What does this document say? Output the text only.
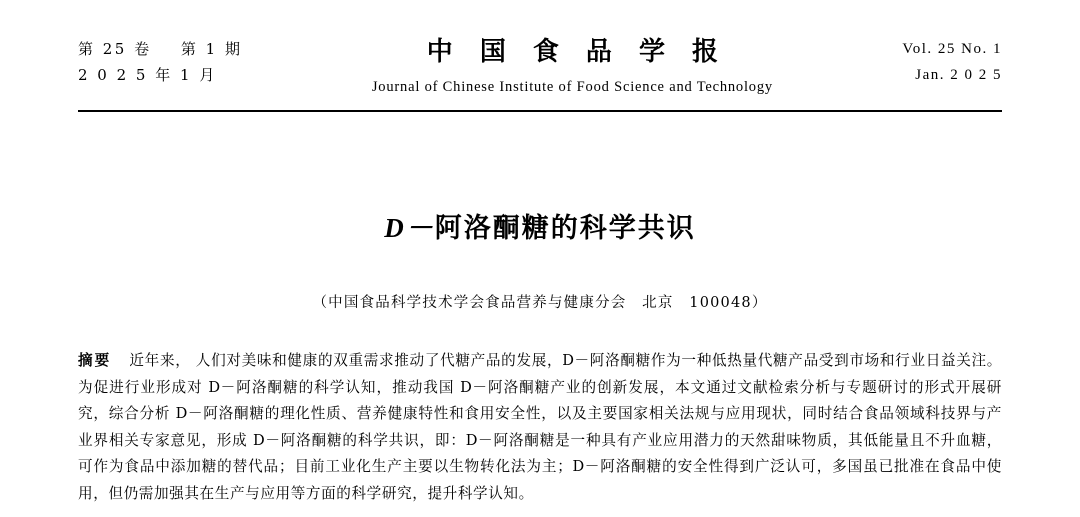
第 25 卷 第 1 期
2 0 2 5 年 1 月
中 国 食 品 学 报
Journal of Chinese Institute of Food Science and Technology
Vol. 25 No. 1
Jan. 2 0 2 5
D－阿洛酮糖的科学共识
（中国食品科学技术学会食品营养与健康分会　北京　100048）
摘要 近年来， 人们对美味和健康的双重需求推动了代糖产品的发展，D－阿洛酮糖作为一种低热量代糖产品受到市场和行业日益关注。为促进行业形成对 D－阿洛酮糖的科学认知，推动我国 D－阿洛酮糖产业的创新发展，本文通过文献检索分析与专题研讨的形式开展研究，综合分析 D－阿洛酮糖的理化性质、营养健康特性和食用安全性，以及主要国家相关法规与应用现状，同时结合食品领域科技界与产业界相关专家意见，形成 D－阿洛酮糖的科学共识，即：D－阿洛酮糖是一种具有产业应用潜力的天然甜味物质，其低能量且不升血糖，可作为食品中添加糖的替代品；目前工业化生产主要以生物转化法为主；D－阿洛酮糖的安全性得到广泛认可，多国虽已批准在食品中使用，但仍需加强其在生产与应用等方面的科学研究，提升科学认知。
